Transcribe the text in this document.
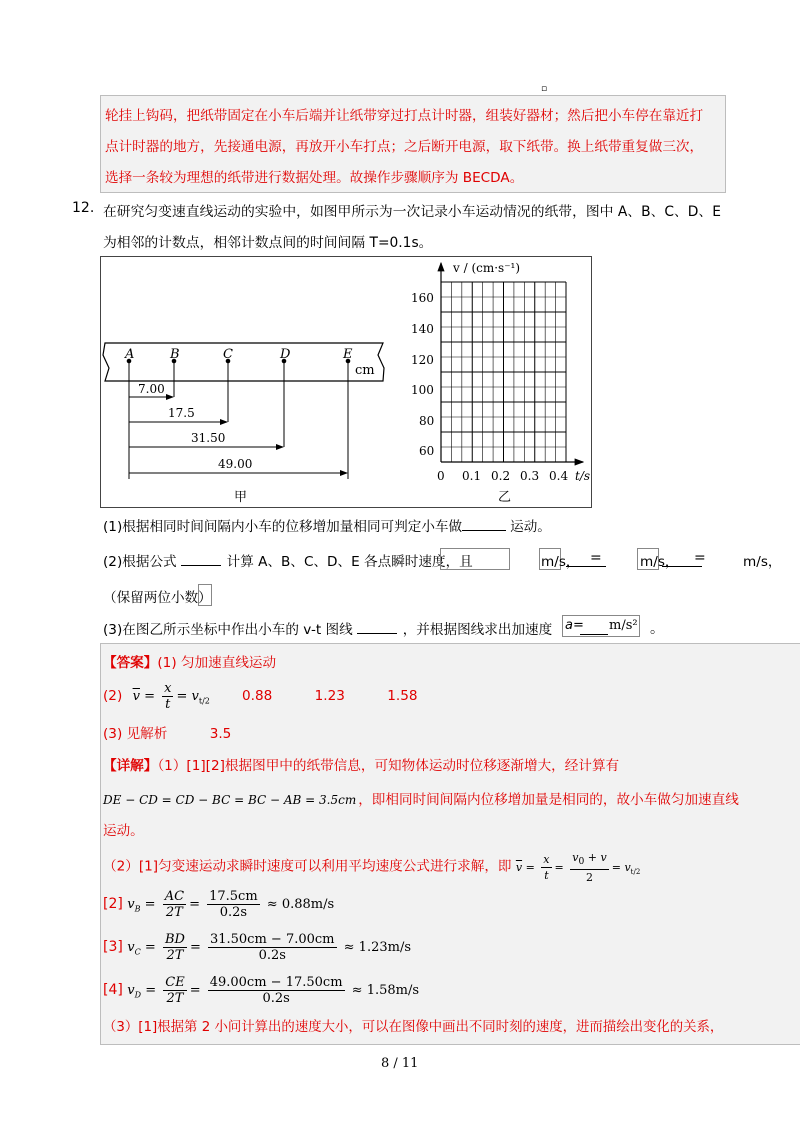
▫
轮挂上钩码，把纸带固定在小车后端并让纸带穿过打点计时器，组装好器材；然后把小车停在靠近打
点计时器的地方，先接通电源，再放开小车打点；之后断开电源，取下纸带。换上纸带重复做三次，
选择一条较为理想的纸带进行数据处理。故操作步骤顺序为 BECDA。
12. 在研究匀变速直线运动的实验中，如图甲所示为一次记录小车运动情况的纸带，图中 A、B、C、D、E
为相邻的计数点，相邻计数点间的时间间隔 T=0.1s。
cm
A	B	C	D	E
7.00
17.5
31.50
49.00
甲
v / (cm·s⁻¹)
t/s
160
140
120
100
80
60
0 0.1 0.2 0.3 0.4
乙
(1)根据相同时间间隔内小车的位移增加量相同可判定小车做	运动。
(2)根据公式	计算 A、B、C、D、E 各点瞬时速度，且	m/s， =	m/s， =	m/s，
（保留两位小数）
(3)在图乙所示坐标中作出小车的 v-t 图线	，并根据图线求出加速度 a= m/s² 。
【答案】(1) 匀加速直线运动
(2) $\overline{v} = \frac{x}{t} = v_{t/2}$ 0.88	1.23	1.58
(3) 见解析	3.5
【详解】（1）[1][2]根据图甲中的纸带信息，可知物体运动时位移逐渐增大，经计算有
DE − CD = CD − BC = BC − AB = 3.5cm ，即相同时间间隔内位移增加量是相同的，故小车做匀加速直线
运动。
（2）[1]匀变速运动求瞬时速度可以利用平均速度公式进行求解，即 $\overline{v} = \frac{x}{t} = \frac{v_0 + v}{2} = v_{t/2}$
[2] $v_B = \frac{AC}{2T} = \frac{17.5cm}{0.2s} \approx 0.88m/s$
[3] $v_C = \frac{BD}{2T} = \frac{31.50cm - 7.00cm}{0.2s} \approx 1.23m/s$
[4] $v_D = \frac{CE}{2T} = \frac{49.00cm - 17.50cm}{0.2s} \approx 1.58m/s$
（3）[1]根据第 2 小问计算出的速度大小，可以在图像中画出不同时刻的速度，进而描绘出变化的关系，
8 / 11
